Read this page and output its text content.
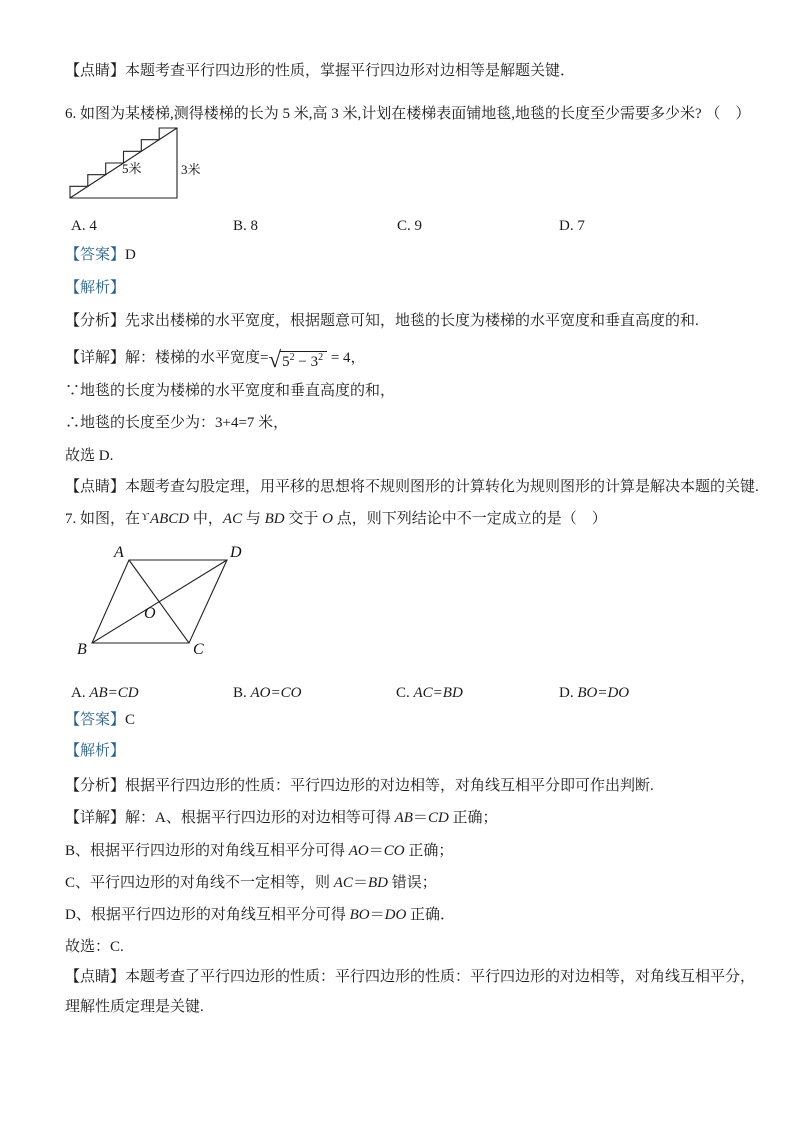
【点睛】本题考查平行四边形的性质，掌握平行四边形对边相等是解题关键．
6. 如图为某楼梯,测得楼梯的长为 5 米,高 3 米,计划在楼梯表面铺地毯,地毯的长度至少需要多少米? （　）
5米	3米
A. 4	B. 8	C. 9	D. 7
【答案】D
【解析】
【分析】先求出楼梯的水平宽度，根据题意可知，地毯的长度为楼梯的水平宽度和垂直高度的和.
【详解】解：楼梯的水平宽度= √ $5^2 - 3^2 = 4$，
∵地毯的长度为楼梯的水平宽度和垂直高度的和，
∴地毯的长度至少为：3+4=7 米，
故选 D.
【点睛】本题考查勾股定理，用平移的思想将不规则图形的计算转化为规则图形的计算是解决本题的关键.
7. 如图，在$^ϒ$ABCD 中，AC 与 BD 交于 O 点，则下列结论中不一定成立的是（　）
A	D
B	C
O
A. AB=CD	B. AO=CO	C. AC=BD	D. BO=DO
【答案】C
【解析】
【分析】根据平行四边形的性质：平行四边形的对边相等，对角线互相平分即可作出判断.
【详解】解：A、根据平行四边形的对边相等可得 AB＝CD 正确；
B、根据平行四边形的对角线互相平分可得 AO＝CO 正确；
C、平行四边形的对角线不一定相等，则 AC＝BD 错误；
D、根据平行四边形的对角线互相平分可得 BO＝DO 正确．
故选：C.
【点睛】本题考查了平行四边形的性质：平行四边形的性质：平行四边形的对边相等，对角线互相平分，
理解性质定理是关键.
